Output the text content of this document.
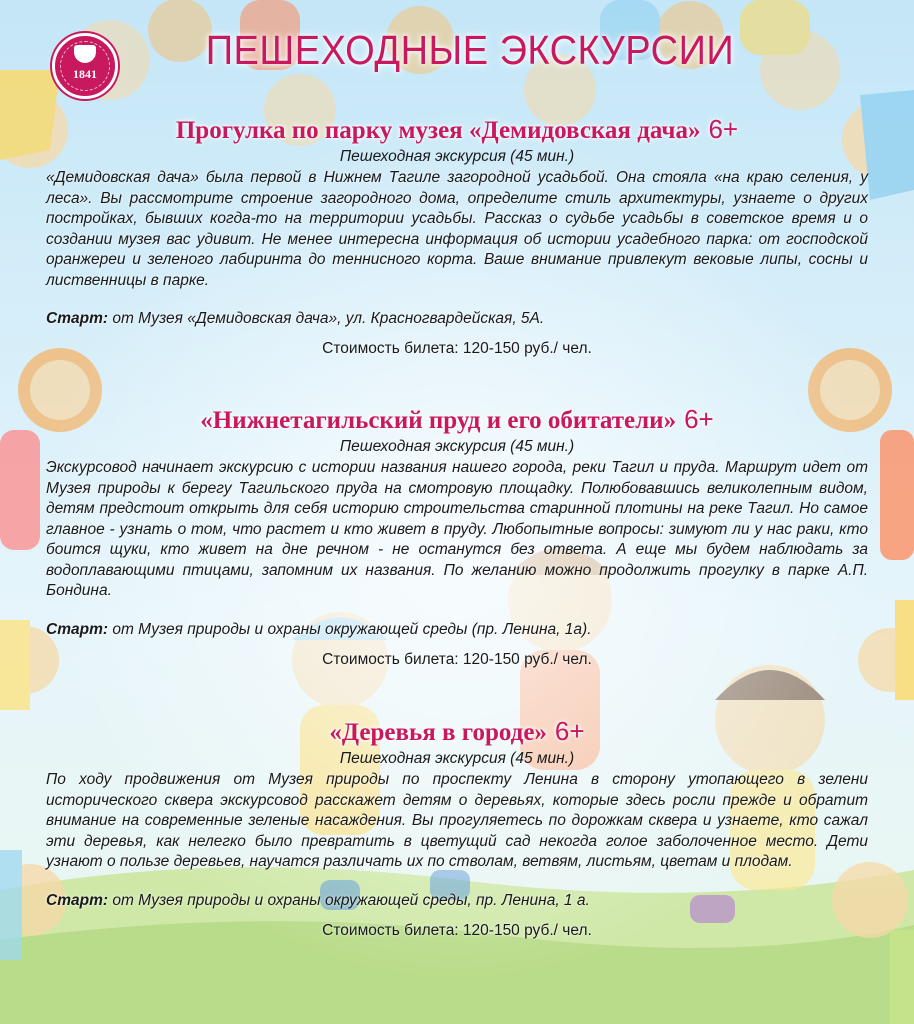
1841
ПЕШЕХОДНЫЕ ЭКСКУРСИИ
Прогулка по парку музея «Демидовская дача» 6+
Пешеходная экскурсия (45 мин.)

«Демидовская дача» была первой в Нижнем Тагиле загородной усадьбой. Она стояла «на краю селения, у леса». Вы рассмотрите строение загородного дома, определите стиль архитектуры, узнаете о других постройках, бывших когда-то на территории усадьбы. Рассказ о судьбе усадьбы в советское время и о создании музея вас удивит. Не менее интересна информация об истории усадебного парка: от господской оранжереи и зеленого лабиринта до теннисного корта. Ваше внимание привлекут вековые липы, сосны и лиственницы в парке.

Старт: от Музея «Демидовская дача», ул. Красногвардейская, 5А.
Стоимость билета: 120-150 руб./ чел.
«Нижнетагильский пруд и его обитатели» 6+
Пешеходная экскурсия (45 мин.)

Экскурсовод начинает экскурсию с истории названия нашего города, реки Тагил и пруда. Маршрут идет от Музея природы к берегу Тагильского пруда на смотровую площадку. Полюбовавшись великолепным видом, детям предстоит открыть для себя историю строительства старинной плотины на реке Тагил. Но самое главное - узнать о том, что растет и кто живет в пруду. Любопытные вопросы: зимуют ли у нас раки, кто боится щуки, кто живет на дне речном - не останутся без ответа. А еще мы будем наблюдать за водоплавающими птицами, запомним их названия. По желанию можно продолжить прогулку в парке А.П. Бондина.

Старт: от Музея природы и охраны окружающей среды (пр. Ленина, 1а).
Стоимость билета: 120-150 руб./ чел.
«Деревья в городе» 6+
Пешеходная экскурсия (45 мин.)

По ходу продвижения от Музея природы по проспекту Ленина в сторону утопающего в зелени исторического сквера экскурсовод расскажет детям о деревьях, которые здесь росли прежде и обратит внимание на современные зеленые насаждения. Вы прогуляетесь по дорожкам сквера и узнаете, кто сажал эти деревья, как нелегко было превратить в цветущий сад некогда голое заболоченное место. Дети узнают о пользе деревьев, научатся различать их по стволам, ветвям, листьям, цветам и плодам.

Старт: от Музея природы и охраны окружающей среды, пр. Ленина, 1 а.
Стоимость билета: 120-150 руб./ чел.
